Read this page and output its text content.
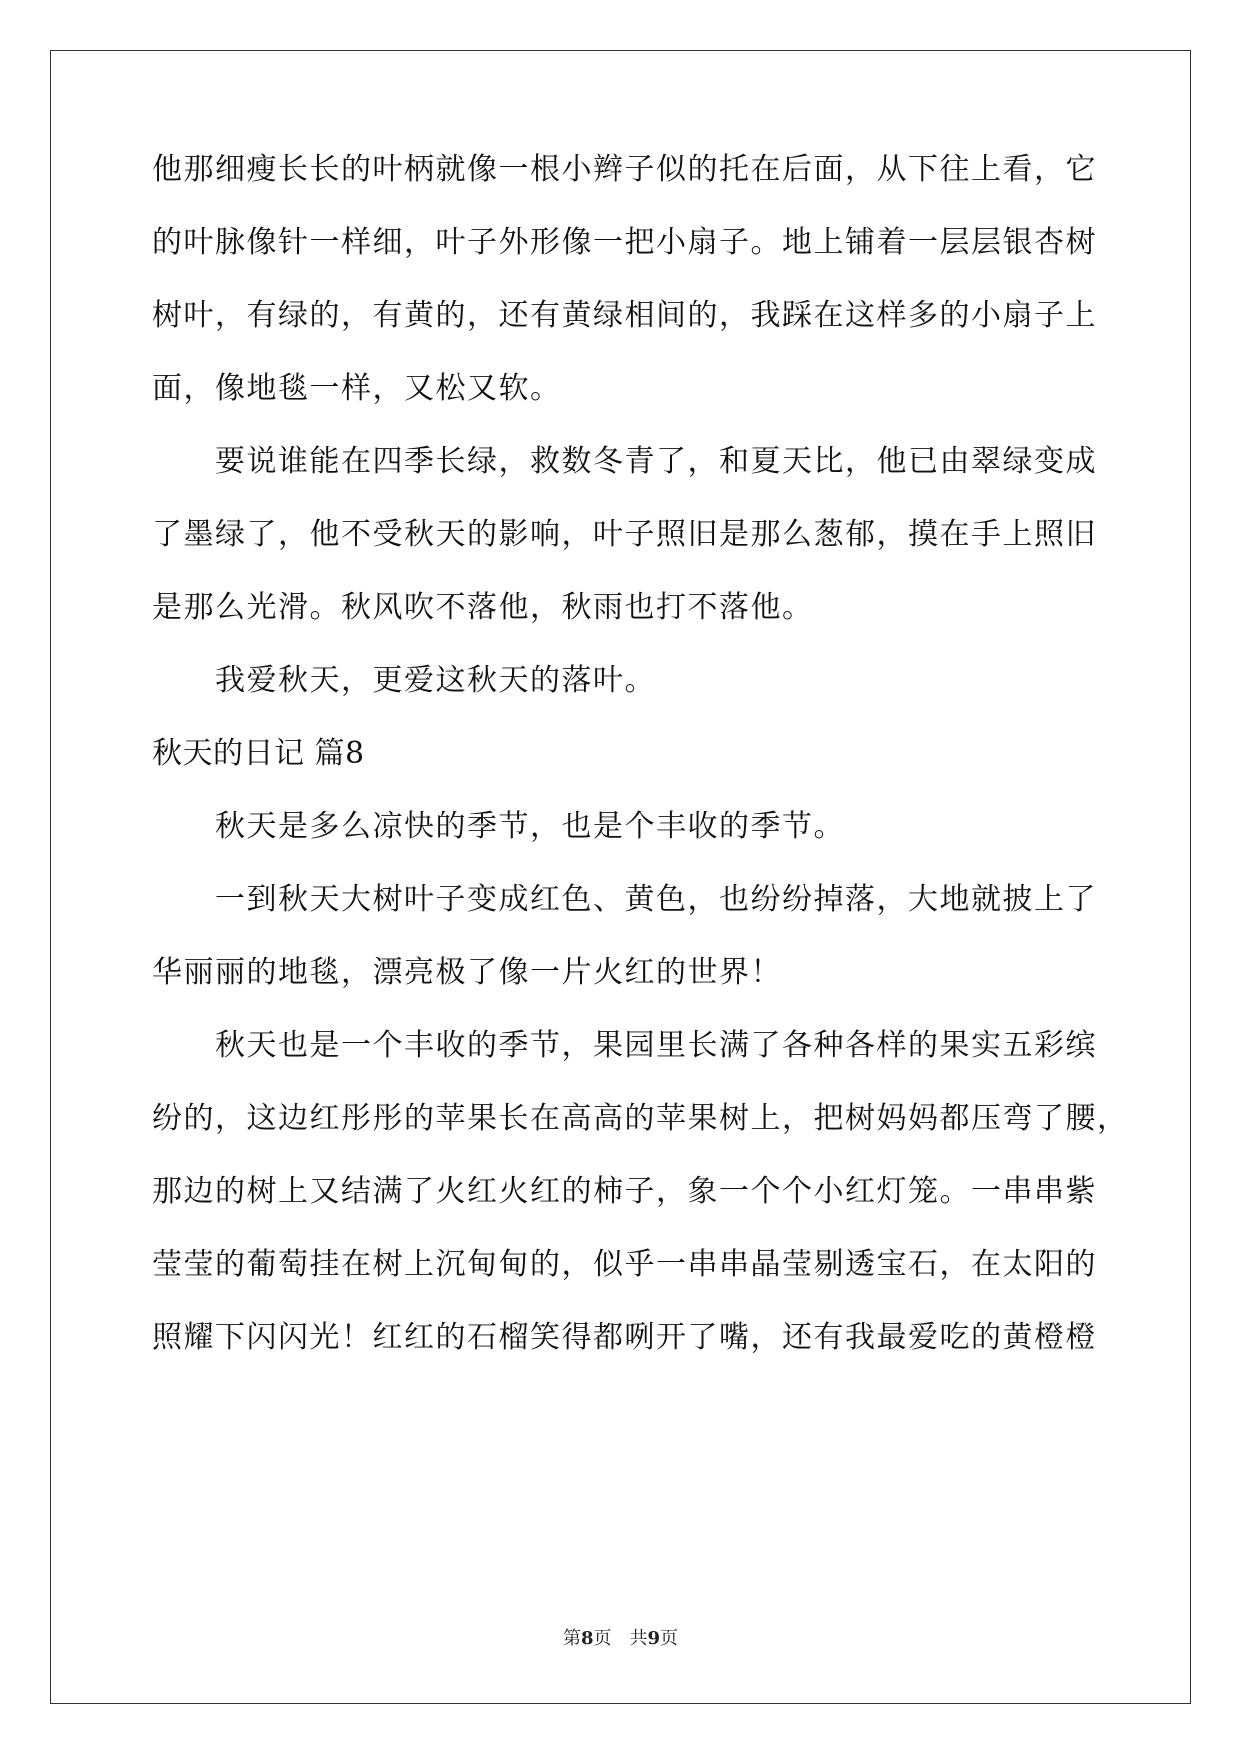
他那细瘦长长的叶柄就像一根小辫子似的托在后面，从下往上看，它
的叶脉像针一样细，叶子外形像一把小扇子。地上铺着一层层银杏树
树叶，有绿的，有黄的，还有黄绿相间的，我踩在这样多的小扇子上
面，像地毯一样，又松又软。
要说谁能在四季长绿，救数冬青了，和夏天比，他已由翠绿变成
了墨绿了，他不受秋天的影响，叶子照旧是那么葱郁，摸在手上照旧
是那么光滑。秋风吹不落他，秋雨也打不落他。
我爱秋天，更爱这秋天的落叶。
秋天的日记 篇8
秋天是多么凉快的季节，也是个丰收的季节。
一到秋天大树叶子变成红色、黄色，也纷纷掉落，大地就披上了
华丽丽的地毯，漂亮极了像一片火红的世界！
秋天也是一个丰收的季节，果园里长满了各种各样的果实五彩缤
纷的，这边红彤彤的苹果长在高高的苹果树上，把树妈妈都压弯了腰，
那边的树上又结满了火红火红的柿子，象一个个小红灯笼。一串串紫
莹莹的葡萄挂在树上沉甸甸的，似乎一串串晶莹剔透宝石，在太阳的
照耀下闪闪光！红红的石榴笑得都咧开了嘴，还有我最爱吃的黄橙橙
第8页 共9页
